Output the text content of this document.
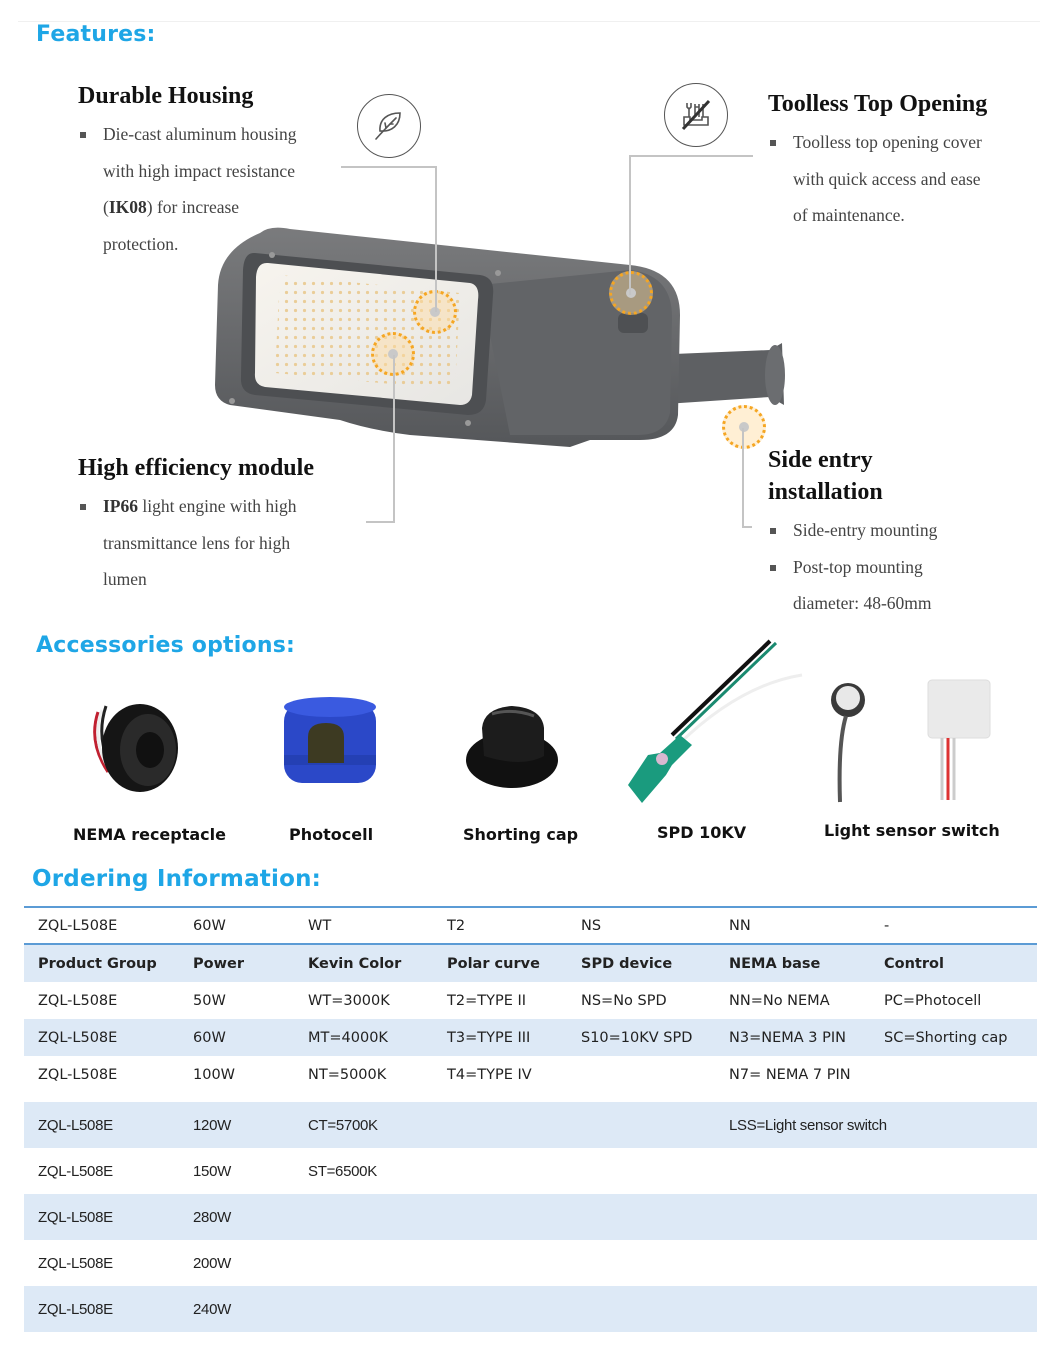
Features:
Durable Housing
Die-cast aluminum housing
with high impact resistance
(IK08) for increase
protection.
Toolless Top Opening
Toolless top opening cover
with quick access and ease
of maintenance.
High efficiency module
IP66 light engine with high
transmittance lens for high
lumen
Side entry
installation
Side-entry mounting
Post-top mounting
diameter: 48-60mm
Accessories options:
NEMA receptacle	Photocell	Shorting cap	SPD 10KV	Light sensor switch
Ordering Information:
ZQL-L508E	60W	WT	T2	NS	NN	-
Product Group	Power	Kevin Color	Polar curve	SPD device	NEMA base	Control
ZQL-L508E	50W	WT=3000K	T2=TYPE II	NS=No SPD	NN=No NEMA	PC=Photocell
ZQL-L508E	60W	MT=4000K	T3=TYPE III	S10=10KV SPD	N3=NEMA 3 PIN	SC=Shorting cap
ZQL-L508E	100W	NT=5000K	T4=TYPE IV		N7= NEMA 7 PIN	

ZQL-L508E	120W	CT=5700K			LSS=Light sensor switch	
ZQL-L508E	150W	ST=6500K				
ZQL-L508E	280W					
ZQL-L508E	200W					
ZQL-L508E	240W					
